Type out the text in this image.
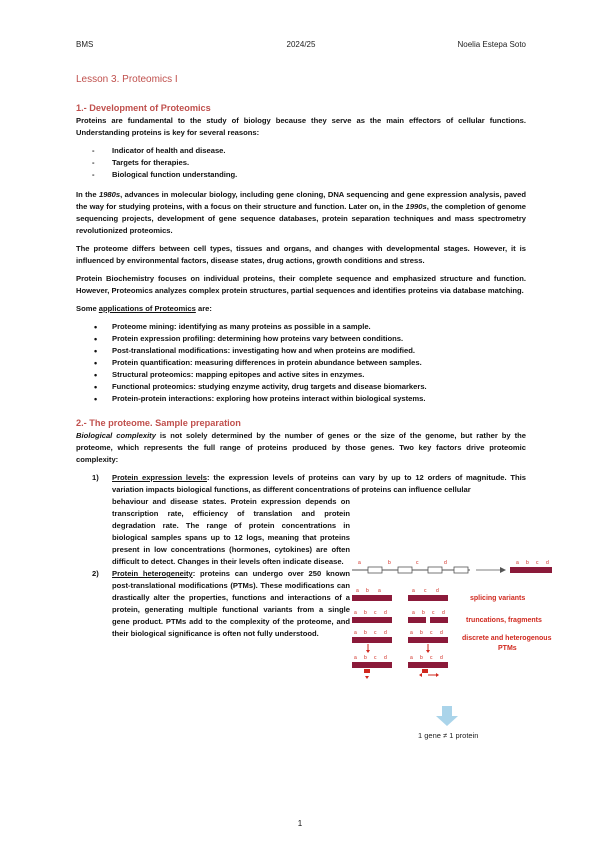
BMS	2024/25	Noelia Estepa Soto
Lesson 3. Proteomics I
1.- Development of Proteomics

Proteins are fundamental to the study of biology because they serve as the main effectors of cellular functions. Understanding proteins is key for several reasons:

- Indicator of health and disease.
- Targets for therapies.
- Biological function understanding.

In the 1980s, advances in molecular biology, including gene cloning, DNA sequencing and gene expression analysis, paved the way for studying proteins, with a focus on their structure and function. Later on, in the 1990s, the completion of genome sequencing projects, development of gene sequence databases, protein separation techniques and mass spectrometry revolutionized proteomics.

The proteome differs between cell types, tissues and organs, and changes with developmental stages. However, it is influenced by environmental factors, disease states, drug actions, growth conditions and stress.

Protein Biochemistry focuses on individual proteins, their complete sequence and emphasized structure and function. However, Proteomics analyzes complex protein structures, partial sequences and identifies proteins via database matching.

Some applications of Proteomics are:

• Proteome mining: identifying as many proteins as possible in a sample.
• Protein expression profiling: determining how proteins vary between conditions.
• Post-translational modifications: investigating how and when proteins are modified.
• Protein quantification: measuring differences in protein abundance between samples.
• Structural proteomics: mapping epitopes and active sites in enzymes.
• Functional proteomics: studying enzyme activity, drug targets and disease biomarkers.
• Protein-protein interactions: exploring how proteins interact within biological systems.
2.- The proteome. Sample preparation

Biological complexity is not solely determined by the number of genes or the size of the genome, but rather by the proteome, which represents the full range of proteins produced by those genes. Two key factors drive proteomic complexity:

1) Protein expression levels: the expression levels of proteins can vary by up to 12 orders of magnitude. This variation impacts biological functions, as different concentrations of proteins can influence cellular
behaviour and disease states. Protein expression depends on transcription rate, efficiency of translation and protein degradation rate. The range of protein concentrations in biological samples spans up to 12 logs, meaning that proteins present in low concentrations (hormones, cytokines) are often difficult to detect. Changes in their levels often indicate disease.
2) Protein heterogeneity: proteins can undergo over 250 known post-translational modifications (PTMs). These modifications can drastically alter the properties, functions and interactions of a protein, generating multiple functional variants from a single gene product. PTMs add to the complexity of the proteome, and their biological significance is often not fully understood.
a	b	c	d	a b c d
a b a	a c d
splicing variants
a b c d	a b c d
truncations, fragments
a b c d	a b c d
discrete and heterogenous
PTMs
a b c d	a b c d
1 gene ≠ 1 protein
1
